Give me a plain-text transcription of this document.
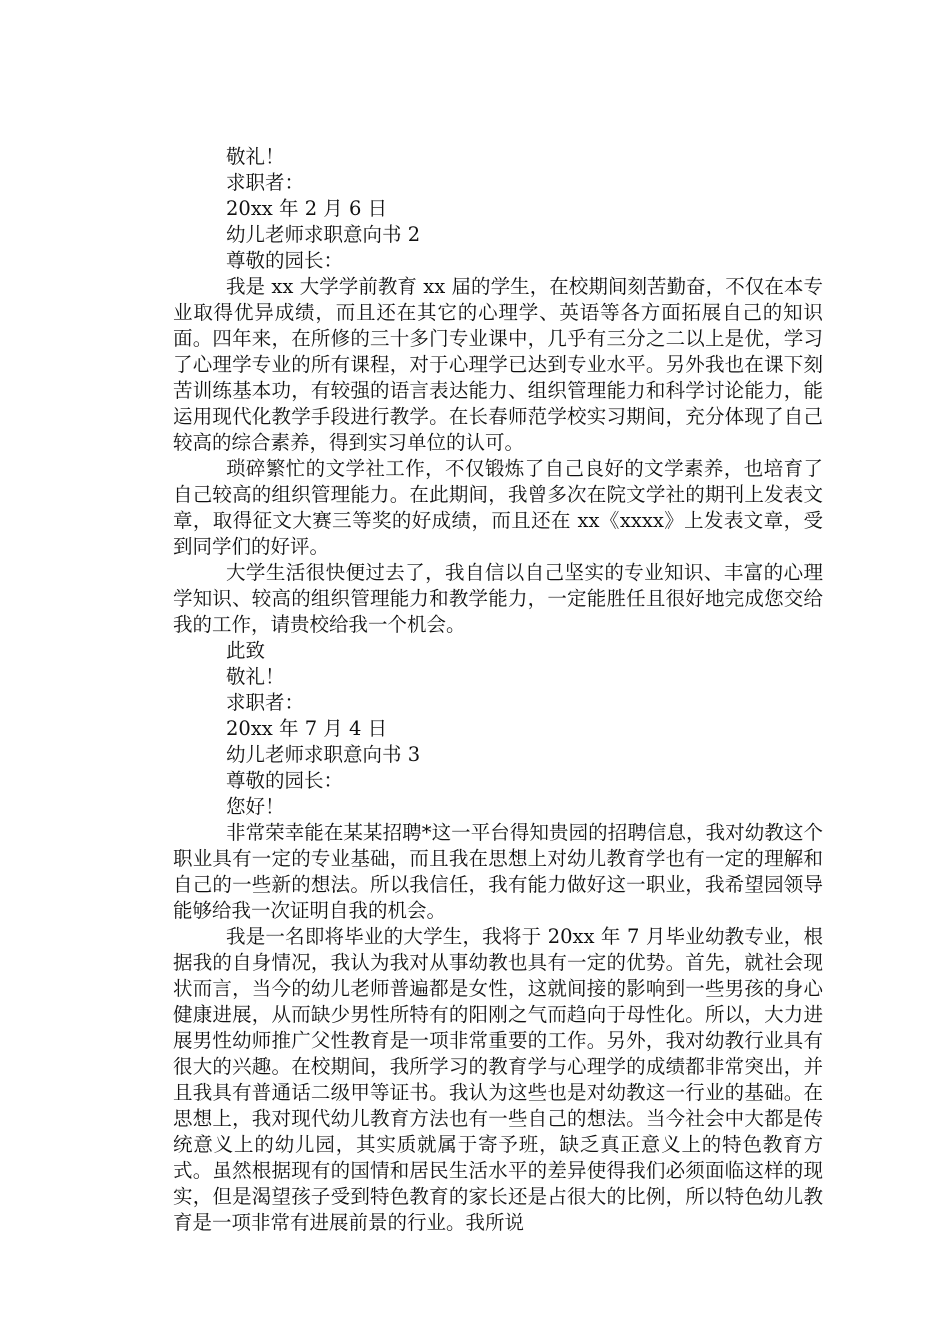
敬礼！

求职者：

20xx 年 2 月 6 日

幼儿老师求职意向书 2

尊敬的园长：

我是 xx 大学学前教育 xx 届的学生，在校期间刻苦勤奋，不仅在本专业取得优异成绩，而且还在其它的心理学、英语等各方面拓展自己的知识面。四年来，在所修的三十多门专业课中，几乎有三分之二以上是优，学习了心理学专业的所有课程，对于心理学已达到专业水平。另外我也在课下刻苦训练基本功，有较强的语言表达能力、组织管理能力和科学讨论能力，能运用现代化教学手段进行教学。在长春师范学校实习期间，充分体现了自己较高的综合素养，得到实习单位的认可。

琐碎繁忙的文学社工作，不仅锻炼了自己良好的文学素养，也培育了自己较高的组织管理能力。在此期间，我曾多次在院文学社的期刊上发表文章，取得征文大赛三等奖的好成绩，而且还在 xx《xxxx》上发表文章，受到同学们的好评。

大学生活很快便过去了，我自信以自己坚实的专业知识、丰富的心理学知识、较高的组织管理能力和教学能力，一定能胜任且很好地完成您交给我的工作，请贵校给我一个机会。

此致

敬礼！

求职者：

20xx 年 7 月 4 日

幼儿老师求职意向书 3

尊敬的园长：

您好！

非常荣幸能在某某招聘*这一平台得知贵园的招聘信息，我对幼教这个职业具有一定的专业基础，而且我在思想上对幼儿教育学也有一定的理解和自己的一些新的想法。所以我信任，我有能力做好这一职业，我希望园领导能够给我一次证明自我的机会。

我是一名即将毕业的大学生，我将于 20xx 年 7 月毕业幼教专业，根据我的自身情况，我认为我对从事幼教也具有一定的优势。首先，就社会现状而言，当今的幼儿老师普遍都是女性，这就间接的影响到一些男孩的身心健康进展，从而缺少男性所特有的阳刚之气而趋向于母性化。所以，大力进展男性幼师推广父性教育是一项非常重要的工作。另外，我对幼教行业具有很大的兴趣。在校期间，我所学习的教育学与心理学的成绩都非常突出，并且我具有普通话二级甲等证书。我认为这些也是对幼教这一行业的基础。在思想上，我对现代幼儿教育方法也有一些自己的想法。当今社会中大都是传统意义上的幼儿园，其实质就属于寄予班，缺乏真正意义上的特色教育方式。虽然根据现有的国情和居民生活水平的差异使得我们必须面临这样的现实，但是渴望孩子受到特色教育的家长还是占很大的比例，所以特色幼儿教育是一项非常有进展前景的行业。我所说
